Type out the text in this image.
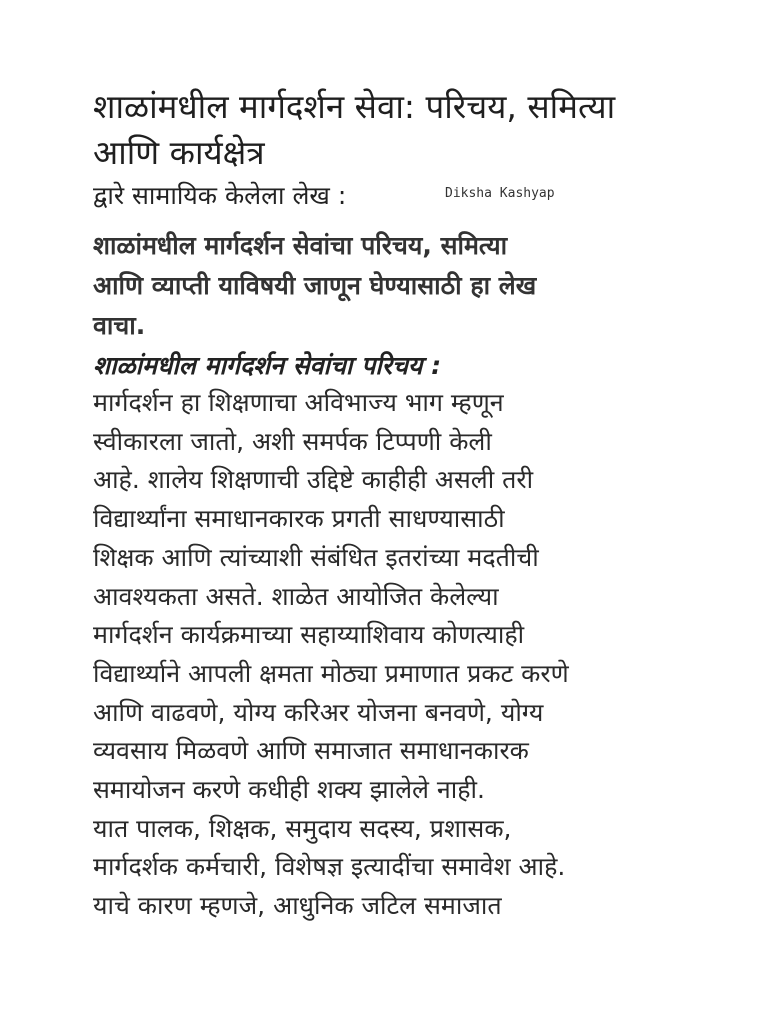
शाळांमधील मार्गदर्शन सेवा: परिचय, समित्या
आणि कार्यक्षेत्र
द्वारे सामायिक केलेला लेख :	Diksha Kashyap

शाळांमधील मार्गदर्शन सेवांचा परिचय, समित्या
आणि व्याप्ती याविषयी जाणून घेण्यासाठी हा लेख
वाचा.

शाळांमधील मार्गदर्शन सेवांचा परिचय :

मार्गदर्शन हा शिक्षणाचा अविभाज्य भाग म्हणून
स्वीकारला जातो, अशी समर्पक टिप्पणी केली
आहे. शालेय शिक्षणाची उद्दिष्टे काहीही असली तरी
विद्यार्थ्यांना समाधानकारक प्रगती साधण्यासाठी
शिक्षक आणि त्यांच्याशी संबंधित इतरांच्या मदतीची
आवश्यकता असते. शाळेत आयोजित केलेल्या
मार्गदर्शन कार्यक्रमाच्या सहाय्याशिवाय कोणत्याही
विद्यार्थ्याने आपली क्षमता मोठ्या प्रमाणात प्रकट करणे
आणि वाढवणे, योग्य करिअर योजना बनवणे, योग्य
व्यवसाय मिळवणे आणि समाजात समाधानकारक
समायोजन करणे कधीही शक्य झालेले नाही.
यात पालक, शिक्षक, समुदाय सदस्य, प्रशासक,
मार्गदर्शक कर्मचारी, विशेषज्ञ इत्यादींचा समावेश आहे.
याचे कारण म्हणजे, आधुनिक जटिल समाजात
